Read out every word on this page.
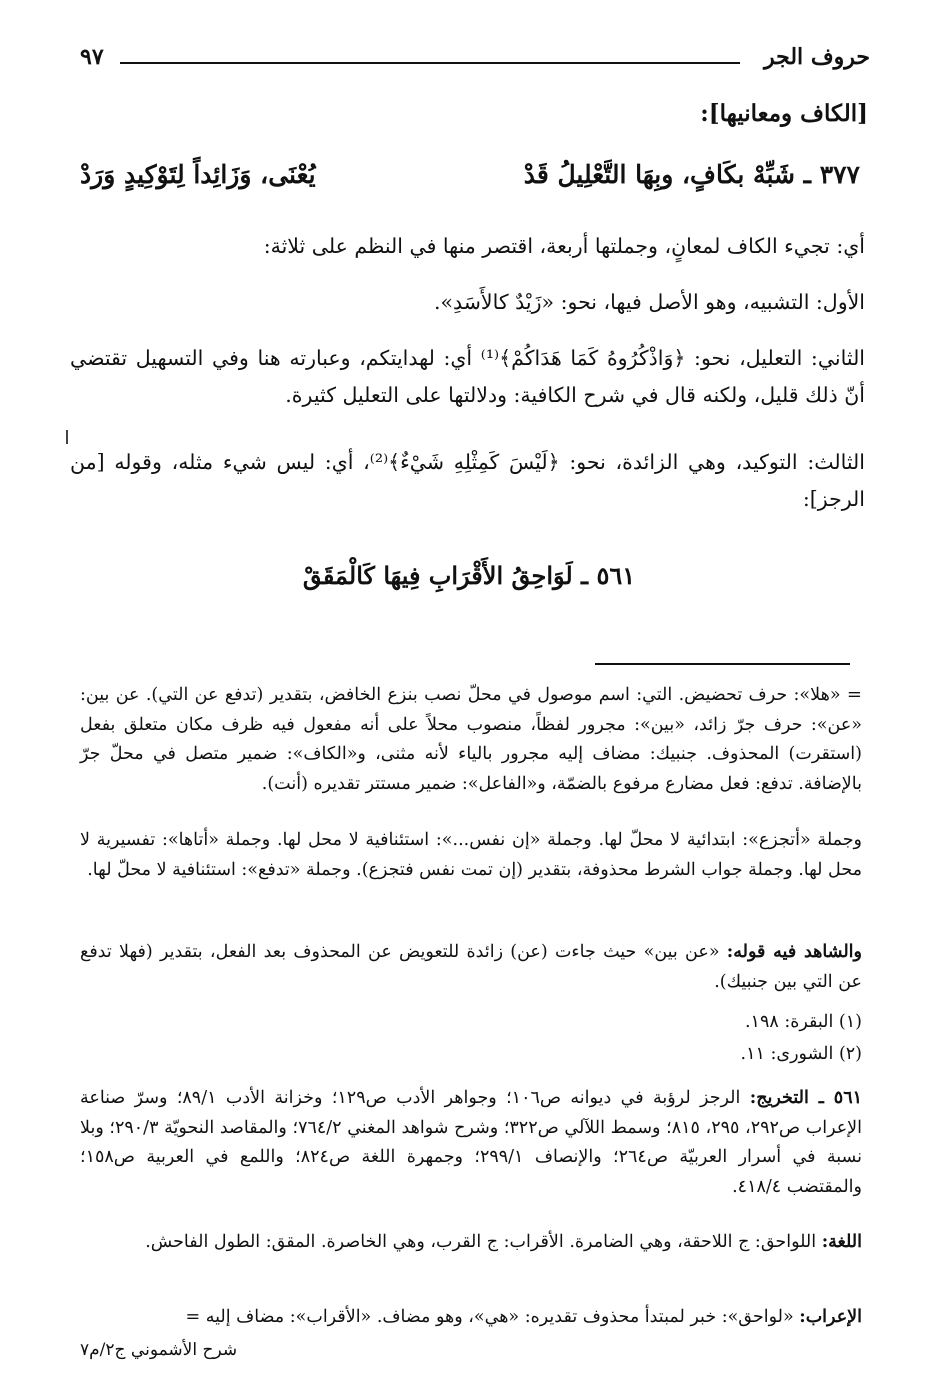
حروف الجر
٩٧
[الكاف ومعانيها]:
٣٧٧ ـ شَبِّهْ بكَافٍ، وبِهَا التَّعْلِيلُ قَدْ
يُعْنَى، وَزَائِداً لِتَوْكِيدٍ وَرَدْ
أي: تجيء الكاف لمعانٍ، وجملتها أربعة، اقتصر منها في النظم على ثلاثة:
الأول: التشبيه، وهو الأصل فيها، نحو: «زَيْدٌ كالأَسَدِ».
الثاني: التعليل، نحو: ﴿وَاذْكُرُوهُ كَمَا هَدَاكُمْ﴾⁽¹⁾ أي: لهدايتكم، وعبارته هنا وفي التسهيل تقتضي أنّ ذلك قليل، ولكنه قال في شرح الكافية: ودلالتها على التعليل كثيرة.
الثالث: التوكيد، وهي الزائدة، نحو: ﴿لَيْسَ كَمِثْلِهِ شَيْءٌ﴾⁽²⁾، أي: ليس شيء مثله، وقوله [من الرجز]:
٥٦١ ـ لَوَاحِقُ الأَقْرَابِ فِيهَا كَالْمَقَقْ
= «هلا»: حرف تحضيض. التي: اسم موصول في محلّ نصب بنزع الخافض، بتقدير (تدفع عن التي). عن بين: «عن»: حرف جرّ زائد، «بين»: مجرور لفظاً، منصوب محلاً على أنه مفعول فيه ظرف مكان متعلق بفعل (استقرت) المحذوف. جنبيك: مضاف إليه مجرور بالياء لأنه مثنى، و«الكاف»: ضمير متصل في محلّ جرّ بالإضافة. تدفع: فعل مضارع مرفوع بالضمّة، و«الفاعل»: ضمير مستتر تقديره (أنت).
وجملة «أتجزع»: ابتدائية لا محلّ لها. وجملة «إن نفس...»: استئنافية لا محل لها. وجملة «أتاها»: تفسيرية لا محل لها. وجملة جواب الشرط محذوفة، بتقدير (إن تمت نفس فتجزع). وجملة «تدفع»: استئنافية لا محلّ لها.
والشاهد فيه قوله: «عن بين» حيث جاءت (عن) زائدة للتعويض عن المحذوف بعد الفعل، بتقدير (فهلا تدفع عن التي بين جنبيك).
(١) البقرة: ١٩٨.
(٢) الشورى: ١١.
٥٦١ ـ التخريج: الرجز لرؤبة في ديوانه ص١٠٦؛ وجواهر الأدب ص١٢٩؛ وخزانة الأدب ٨٩/١؛ وسرّ صناعة الإعراب ص٢٩٢، ٢٩٥، ٨١٥؛ وسمط اللآلي ص٣٢٢؛ وشرح شواهد المغني ٧٦٤/٢؛ والمقاصد النحويّة ٢٩٠/٣؛ وبلا نسبة في أسرار العربيّة ص٢٦٤؛ والإنصاف ٢٩٩/١؛ وجمهرة اللغة ص٨٢٤؛ واللمع في العربية ص١٥٨؛ والمقتضب ٤١٨/٤.
اللغة: اللواحق: ج اللاحقة، وهي الضامرة. الأقراب: ج القرب، وهي الخاصرة. المقق: الطول الفاحش.
الإعراب: «لواحق»: خبر لمبتدأ محذوف تقديره: «هي»، وهو مضاف. «الأقراب»: مضاف إليه =
شرح الأشموني ج٢/م٧
